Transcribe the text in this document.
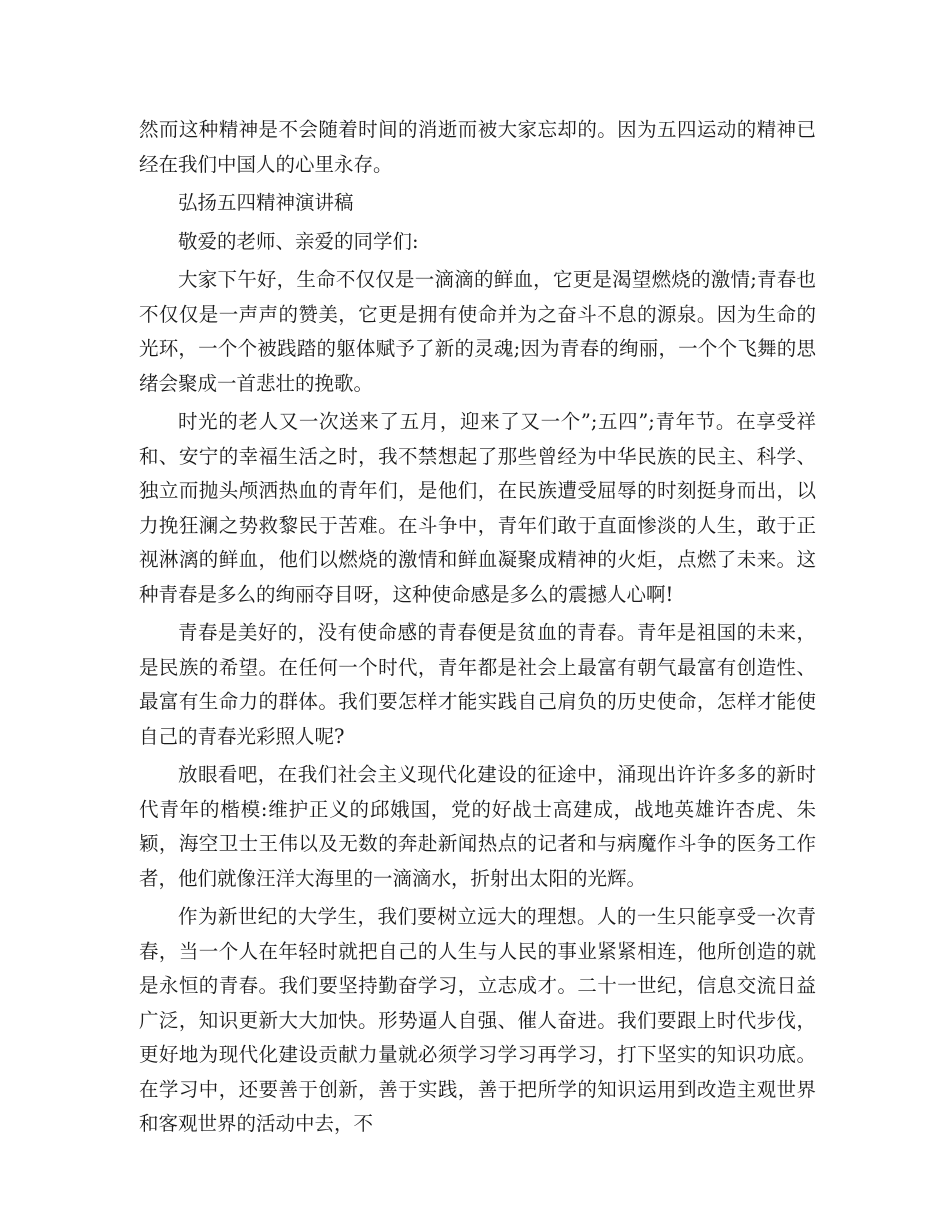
然而这种精神是不会随着时间的消逝而被大家忘却的。因为五四运动的精神已经在我们中国人的心里永存。

弘扬五四精神演讲稿

敬爱的老师、亲爱的同学们:

大家下午好，生命不仅仅是一滴滴的鲜血，它更是渴望燃烧的激情;青春也不仅仅是一声声的赞美，它更是拥有使命并为之奋斗不息的源泉。因为生命的光环，一个个被践踏的躯体赋予了新的灵魂;因为青春的绚丽，一个个飞舞的思绪会聚成一首悲壮的挽歌。

时光的老人又一次送来了五月，迎来了又一个”;五四”;青年节。在享受祥和、安宁的幸福生活之时，我不禁想起了那些曾经为中华民族的民主、科学、独立而抛头颅洒热血的青年们，是他们，在民族遭受屈辱的时刻挺身而出，以力挽狂澜之势救黎民于苦难。在斗争中，青年们敢于直面惨淡的人生，敢于正视淋漓的鲜血，他们以燃烧的激情和鲜血凝聚成精神的火炬，点燃了未来。这种青春是多么的绚丽夺目呀，这种使命感是多么的震撼人心啊!

青春是美好的，没有使命感的青春便是贫血的青春。青年是祖国的未来，是民族的希望。在任何一个时代，青年都是社会上最富有朝气最富有创造性、最富有生命力的群体。我们要怎样才能实践自己肩负的历史使命，怎样才能使自己的青春光彩照人呢?

放眼看吧，在我们社会主义现代化建设的征途中，涌现出许许多多的新时代青年的楷模:维护正义的邱娥国，党的好战士高建成，战地英雄许杏虎、朱颖，海空卫士王伟以及无数的奔赴新闻热点的记者和与病魔作斗争的医务工作者，他们就像汪洋大海里的一滴滴水，折射出太阳的光辉。

作为新世纪的大学生，我们要树立远大的理想。人的一生只能享受一次青春，当一个人在年轻时就把自己的人生与人民的事业紧紧相连，他所创造的就是永恒的青春。我们要坚持勤奋学习，立志成才。二十一世纪，信息交流日益广泛，知识更新大大加快。形势逼人自强、催人奋进。我们要跟上时代步伐，更好地为现代化建设贡献力量就必须学习学习再学习，打下坚实的知识功底。在学习中，还要善于创新，善于实践，善于把所学的知识运用到改造主观世界和客观世界的活动中去，不
